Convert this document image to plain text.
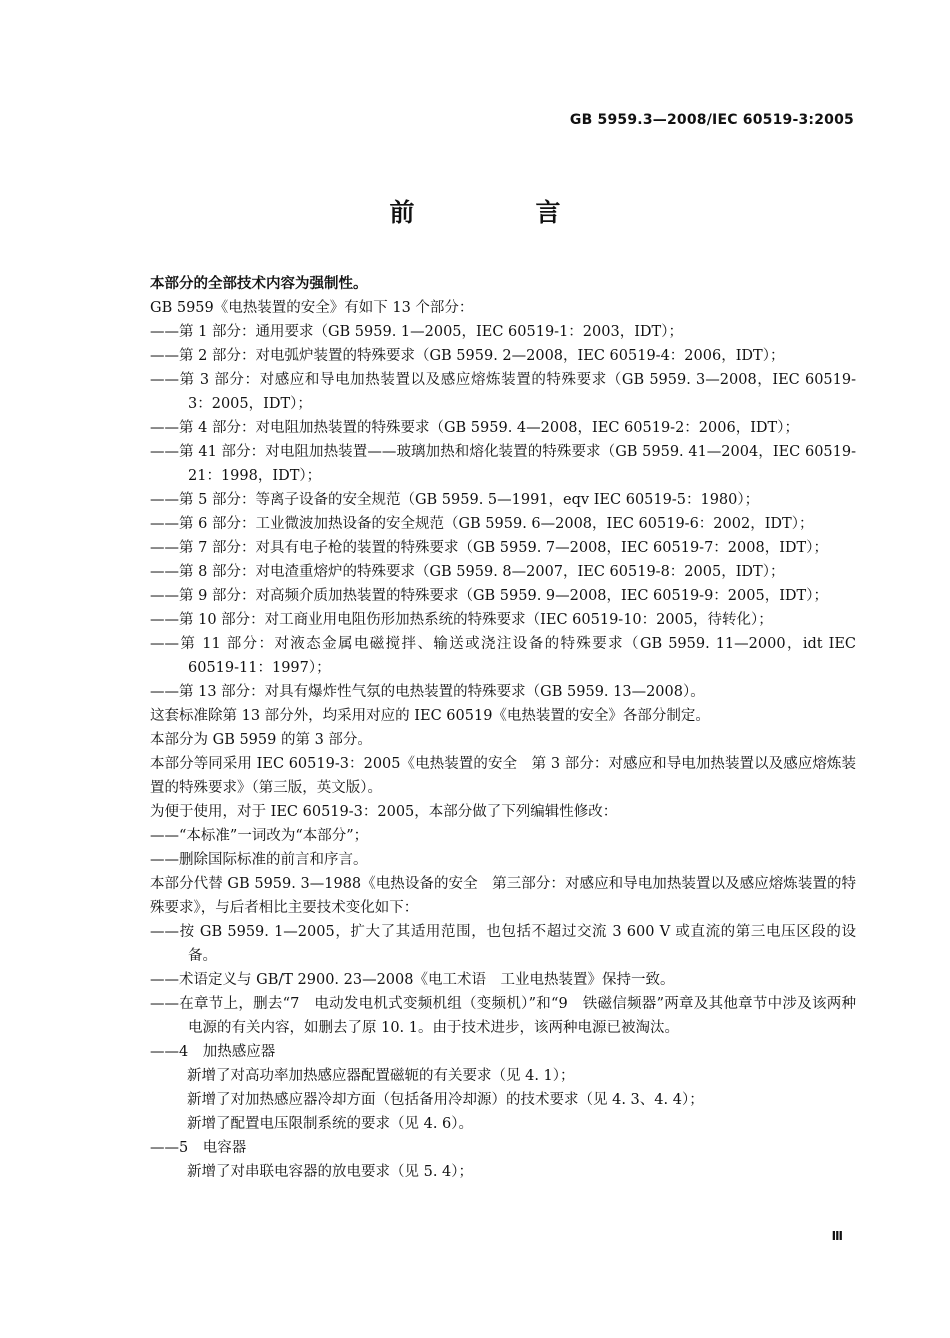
GB 5959.3—2008/IEC 60519-3:2005
前　言

本部分的全部技术内容为强制性。

GB 5959《电热装置的安全》有如下 13 个部分：

——第 1 部分：通用要求（GB 5959. 1—2005，IEC 60519-1：2003，IDT）；

——第 2 部分：对电弧炉装置的特殊要求（GB 5959. 2—2008，IEC 60519-4：2006，IDT）；

——第 3 部分：对感应和导电加热装置以及感应熔炼装置的特殊要求（GB 5959. 3—2008，IEC 60519-3：2005，IDT）；

——第 4 部分：对电阻加热装置的特殊要求（GB 5959. 4—2008，IEC 60519-2：2006，IDT）；

——第 41 部分：对电阻加热装置——玻璃加热和熔化装置的特殊要求（GB 5959. 41—2004，IEC 60519-21：1998，IDT）；

——第 5 部分：等离子设备的安全规范（GB 5959. 5—1991，eqv IEC 60519-5：1980）；

——第 6 部分：工业微波加热设备的安全规范（GB 5959. 6—2008，IEC 60519-6：2002，IDT）；

——第 7 部分：对具有电子枪的装置的特殊要求（GB 5959. 7—2008，IEC 60519-7：2008，IDT）；

——第 8 部分：对电渣重熔炉的特殊要求（GB 5959. 8—2007，IEC 60519-8：2005，IDT）；

——第 9 部分：对高频介质加热装置的特殊要求（GB 5959. 9—2008，IEC 60519-9：2005，IDT）；

——第 10 部分：对工商业用电阻伤形加热系统的特殊要求（IEC 60519-10：2005，待转化）；

——第 11 部分：对液态金属电磁搅拌、输送或浇注设备的特殊要求（GB 5959. 11—2000，idt IEC 60519-11：1997）；

——第 13 部分：对具有爆炸性气氛的电热装置的特殊要求（GB 5959. 13—2008）。

这套标准除第 13 部分外，均采用对应的 IEC 60519《电热装置的安全》各部分制定。

本部分为 GB 5959 的第 3 部分。

本部分等同采用 IEC 60519-3：2005《电热装置的安全　第 3 部分：对感应和导电加热装置以及感应熔炼装置的特殊要求》（第三版，英文版）。

为便于使用，对于 IEC 60519-3：2005，本部分做了下列编辑性修改：

——“本标准”一词改为“本部分”；

——删除国际标准的前言和序言。

本部分代替 GB 5959. 3—1988《电热设备的安全　第三部分：对感应和导电加热装置以及感应熔炼装置的特殊要求》，与后者相比主要技术变化如下：

——按 GB 5959. 1—2005，扩大了其适用范围，也包括不超过交流 3 600 V 或直流的第三电压区段的设备。

——术语定义与 GB/T 2900. 23—2008《电工术语　工业电热装置》保持一致。

——在章节上，删去“7　电动发电机式变频机组（变频机）”和“9　铁磁信频器”两章及其他章节中涉及该两种电源的有关内容，如删去了原 10. 1。由于技术进步，该两种电源已被淘汰。

——4　加热感应器

新增了对高功率加热感应器配置磁轭的有关要求（见 4. 1）；

新增了对加热感应器冷却方面（包括备用冷却源）的技术要求（见 4. 3、4. 4）；

新增了配置电压限制系统的要求（见 4. 6）。

——5　电容器

新增了对串联电容器的放电要求（见 5. 4）；

Ⅲ
